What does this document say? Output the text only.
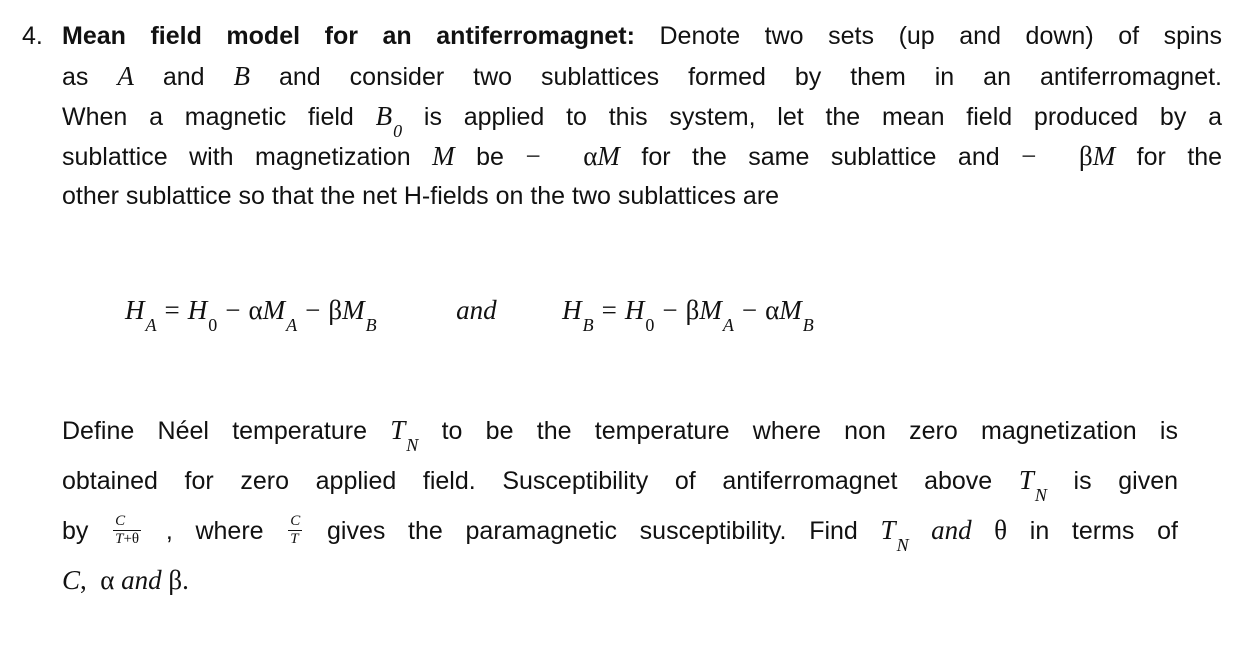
4. Mean field model for an antiferromagnet: Denote two sets (up and down) of spins
as A and B and consider two sublattices formed by them in an antiferromagnet.
When a magnetic field $B_0$ is applied to this system, let the mean field produced by a
sublattice with magnetization M be − αM for the same sublattice and − βM for the
other sublattice so that the net H-fields on the two sublattices are
$H_A = H_0 - \alpha M_A - \beta M_B$	and $H_B = H_0 - \beta M_A - \alpha M_B$
Define Néel temperature $T_N$ to be the temperature where non zero magnetization is
obtained for zero applied field. Susceptibility of antiferromagnet above $T_N$ is given
by $\frac{C}{T+\theta}$ , where $\frac{C}{T}$ gives the paramagnetic susceptibility. Find $T_N$ and θ in terms of
C, α and β.
